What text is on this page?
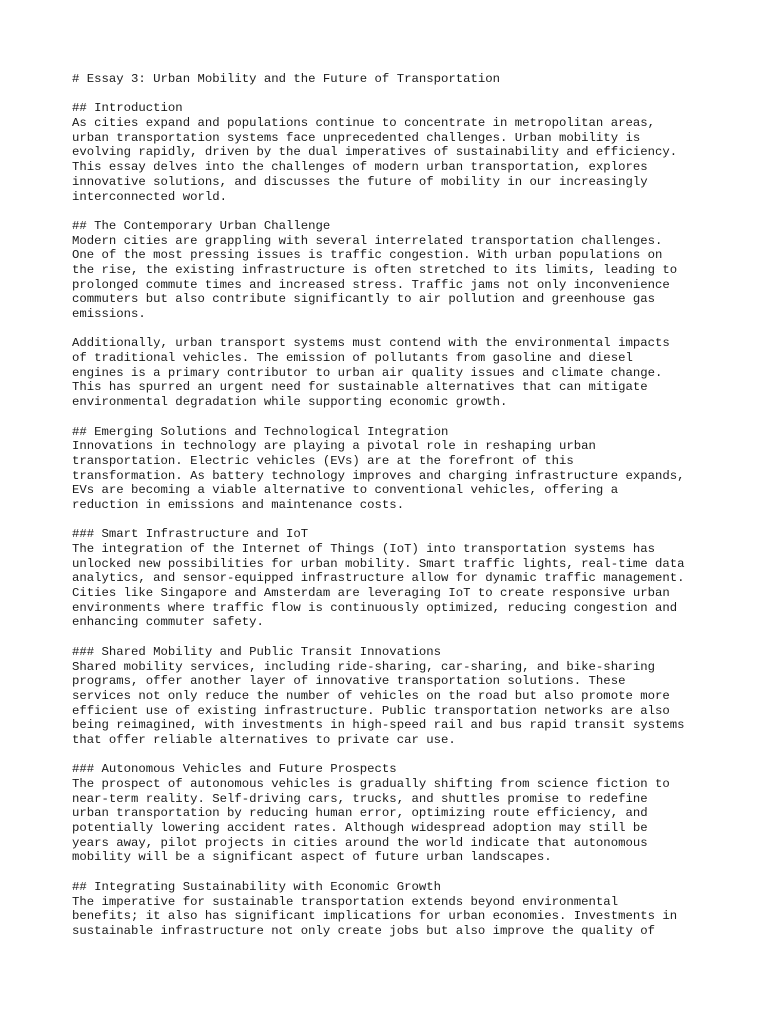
# Essay 3: Urban Mobility and the Future of Transportation
## Introduction
As cities expand and populations continue to concentrate in metropolitan areas,
urban transportation systems face unprecedented challenges. Urban mobility is
evolving rapidly, driven by the dual imperatives of sustainability and efficiency.
This essay delves into the challenges of modern urban transportation, explores
innovative solutions, and discusses the future of mobility in our increasingly
interconnected world.
## The Contemporary Urban Challenge
Modern cities are grappling with several interrelated transportation challenges.
One of the most pressing issues is traffic congestion. With urban populations on
the rise, the existing infrastructure is often stretched to its limits, leading to
prolonged commute times and increased stress. Traffic jams not only inconvenience
commuters but also contribute significantly to air pollution and greenhouse gas
emissions.
Additionally, urban transport systems must contend with the environmental impacts
of traditional vehicles. The emission of pollutants from gasoline and diesel
engines is a primary contributor to urban air quality issues and climate change.
This has spurred an urgent need for sustainable alternatives that can mitigate
environmental degradation while supporting economic growth.
## Emerging Solutions and Technological Integration
Innovations in technology are playing a pivotal role in reshaping urban
transportation. Electric vehicles (EVs) are at the forefront of this
transformation. As battery technology improves and charging infrastructure expands,
EVs are becoming a viable alternative to conventional vehicles, offering a
reduction in emissions and maintenance costs.
### Smart Infrastructure and IoT
The integration of the Internet of Things (IoT) into transportation systems has
unlocked new possibilities for urban mobility. Smart traffic lights, real-time data
analytics, and sensor-equipped infrastructure allow for dynamic traffic management.
Cities like Singapore and Amsterdam are leveraging IoT to create responsive urban
environments where traffic flow is continuously optimized, reducing congestion and
enhancing commuter safety.
### Shared Mobility and Public Transit Innovations
Shared mobility services, including ride-sharing, car-sharing, and bike-sharing
programs, offer another layer of innovative transportation solutions. These
services not only reduce the number of vehicles on the road but also promote more
efficient use of existing infrastructure. Public transportation networks are also
being reimagined, with investments in high-speed rail and bus rapid transit systems
that offer reliable alternatives to private car use.
### Autonomous Vehicles and Future Prospects
The prospect of autonomous vehicles is gradually shifting from science fiction to
near-term reality. Self-driving cars, trucks, and shuttles promise to redefine
urban transportation by reducing human error, optimizing route efficiency, and
potentially lowering accident rates. Although widespread adoption may still be
years away, pilot projects in cities around the world indicate that autonomous
mobility will be a significant aspect of future urban landscapes.
## Integrating Sustainability with Economic Growth
The imperative for sustainable transportation extends beyond environmental
benefits; it also has significant implications for urban economies. Investments in
sustainable infrastructure not only create jobs but also improve the quality of
